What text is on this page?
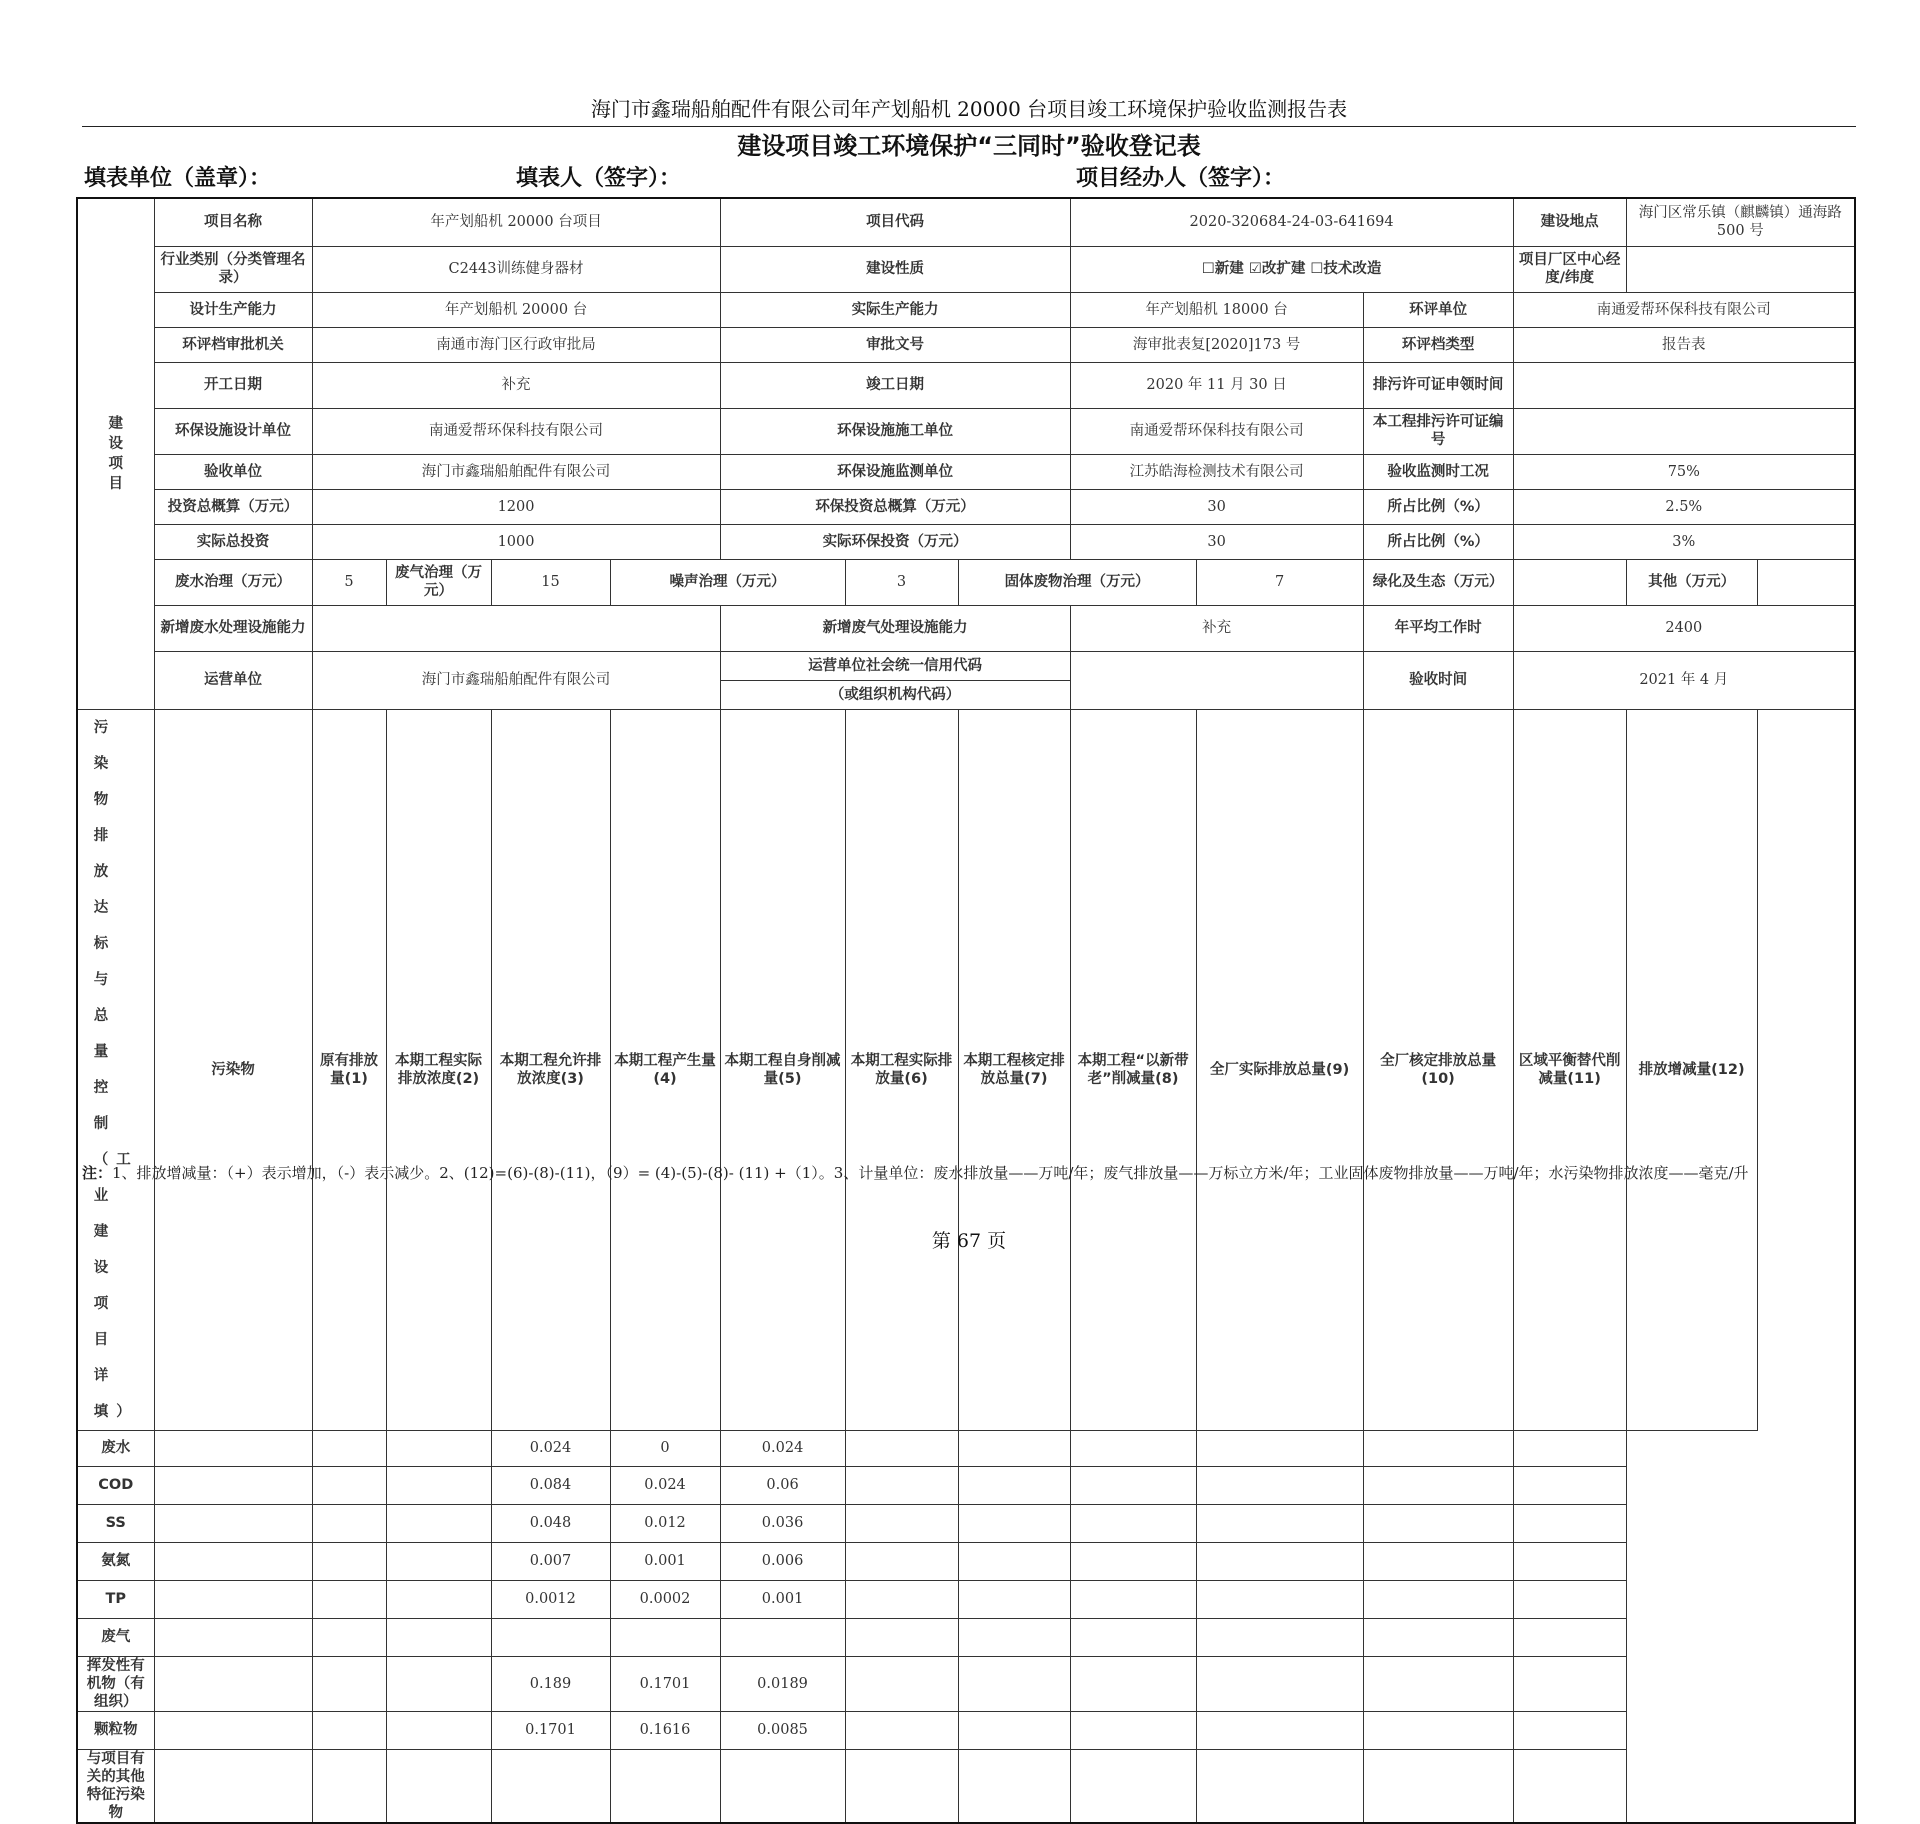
海门市鑫瑞船舶配件有限公司年产划船机 20000 台项目竣工环境保护验收监测报告表
建设项目竣工环境保护“三同时”验收登记表
填表单位（盖章）：	填表人（签字）：	项目经办人（签字）：
建设项目	项目名称	年产划船机 20000 台项目				项目代码			2020-320684-24-03-641694			建设地点	海门区常乐镇（麒麟镇）通海路 500 号	
	行业类别（分类管理名录）	C2443训练健身器材				建设性质			☐新建 ☑改扩建 ☐技术改造			项目厂区中心经度/纬度		
	设计生产能力	年产划船机 20000 台				实际生产能力			年产划船机 18000 台		环评单位	南通爱帮环保科技有限公司		
	环评档审批机关	南通市海门区行政审批局				审批文号			海审批表复[2020]173 号		环评档类型	报告表		
	开工日期	补充				竣工日期			2020 年 11 月 30 日		排污许可证申领时间			
	环保设施设计单位	南通爱帮环保科技有限公司				环保设施施工单位			南通爱帮环保科技有限公司		本工程排污许可证编号			
	验收单位	海门市鑫瑞船舶配件有限公司				环保设施监测单位			江苏皓海检测技术有限公司		验收监测时工况	75%		
	投资总概算（万元）	1200				环保投资总概算（万元）			30		所占比例（%）	2.5%		
	实际总投资	1000				实际环保投资（万元）			30		所占比例（%）	3%		
	废水治理（万元）	5	废气治理（万元）	15	噪声治理（万元）		3	固体废物治理（万元）		7	绿化及生态（万元）		其他（万元）	
	新增废水处理设施能力					新增废气处理设施能力			补充		年平均工作时	2400		
	运营单位	海门市鑫瑞船舶配件有限公司				运营单位社会统一信用代码					验收时间	2021 年 4 月		
						（或组织机构代码）								
污染物排放达标与总量控制（工业建设项目详填）	污染物	原有排放量(1)	本期工程实际排放浓度(2)	本期工程允许排放浓度(3)	本期工程产生量(4)	本期工程自身削减量(5)	本期工程实际排放量(6)	本期工程核定排放总量(7)	本期工程“以新带老”削减量(8)	全厂实际排放总量(9)	全厂核定排放总量(10)	区域平衡替代削减量(11)	排放增减量(12)	
废水				0.024	0	0.024								
COD				0.084	0.024	0.06								
SS				0.048	0.012	0.036								
氨氮				0.007	0.001	0.006								
TP				0.0012	0.0002	0.001								
废气														
挥发性有机物（有组织）				0.189	0.1701	0.0189								
颗粒物				0.1701	0.1616	0.0085								
与项目有关的其他特征污染物														
注：1、排放增减量：（+）表示增加，（-）表示减少。2、(12)=(6)-(8)-(11)，（9）= (4)-(5)-(8)- (11) +（1）。3、计量单位：废水排放量——万吨/年；废气排放量——万标立方米/年；工业固体废物排放量——万吨/年；水污染物排放浓度——毫克/升
第 67 页
